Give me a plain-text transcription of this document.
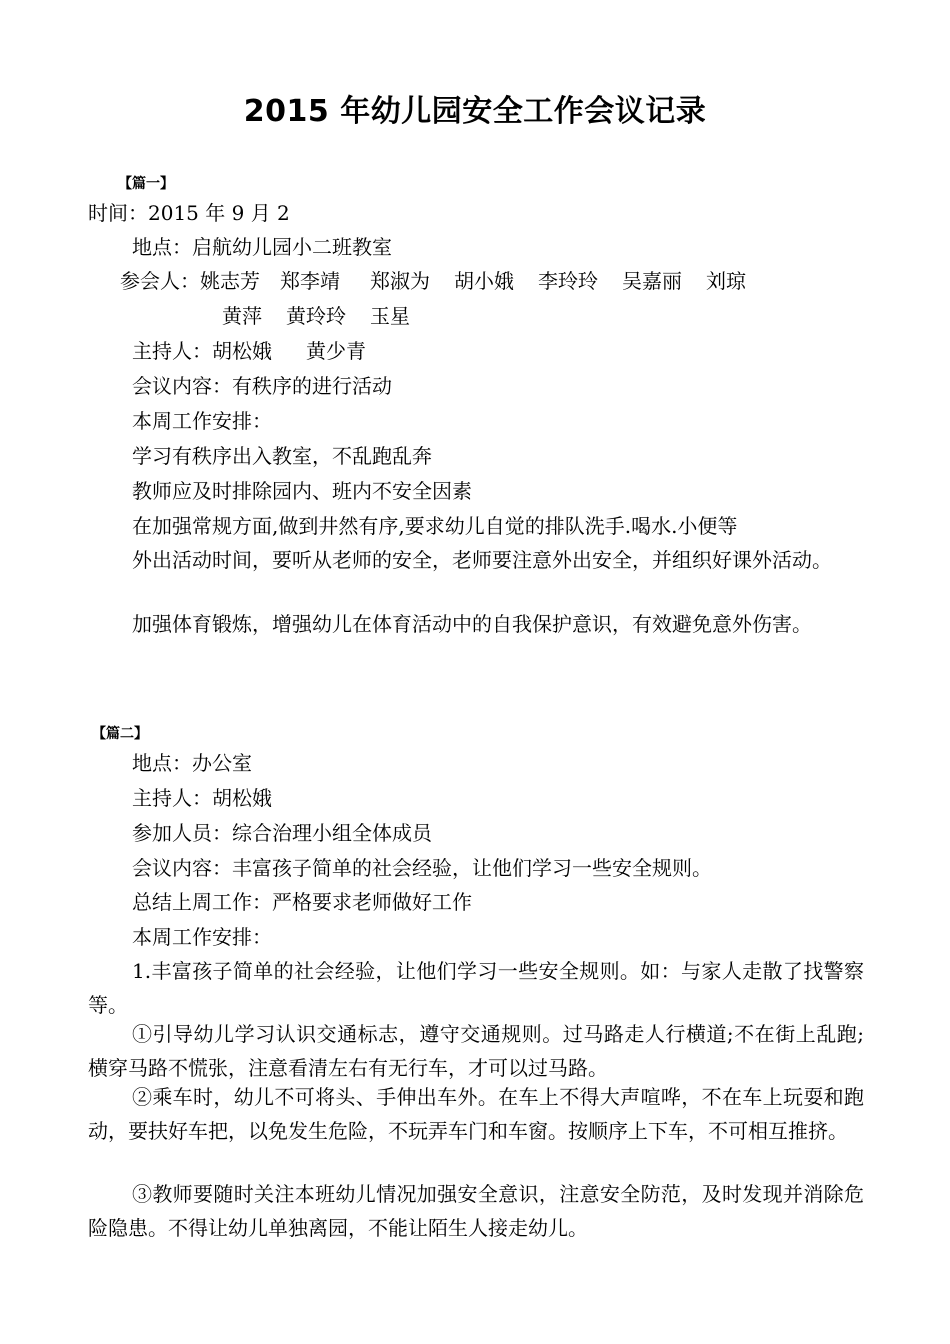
2015 年幼儿园安全工作会议记录
【篇一】
时间：2015 年 9 月 2
地点：启航幼儿园小二班教室
参会人：姚志芳 郑李靖 郑淑为 胡小娥 李玲玲 吴嘉丽 刘琼
黄萍 黄玲玲 玉星
主持人：胡松娥 黄少青
会议内容：有秩序的进行活动
本周工作安排：
学习有秩序出入教室，不乱跑乱奔
教师应及时排除园内、班内不安全因素
在加强常规方面,做到井然有序,要求幼儿自觉的排队洗手.喝水.小便等
外出活动时间，要听从老师的安全，老师要注意外出安全，并组织好课外活动。
加强体育锻炼，增强幼儿在体育活动中的自我保护意识，有效避免意外伤害。
【篇二】
地点：办公室
主持人：胡松娥
参加人员：综合治理小组全体成员
会议内容：丰富孩子简单的社会经验，让他们学习一些安全规则。
总结上周工作：严格要求老师做好工作
本周工作安排：
1.丰富孩子简单的社会经验，让他们学习一些安全规则。如：与家人走散了找警察等。
①引导幼儿学习认识交通标志，遵守交通规则。过马路走人行横道;不在街上乱跑;横穿马路不慌张，注意看清左右有无行车，才可以过马路。
②乘车时，幼儿不可将头、手伸出车外。在车上不得大声喧哗，不在车上玩耍和跑动，要扶好车把，以免发生危险，不玩弄车门和车窗。按顺序上下车，不可相互推挤。
③教师要随时关注本班幼儿情况加强安全意识，注意安全防范，及时发现并消除危险隐患。不得让幼儿单独离园，不能让陌生人接走幼儿。
